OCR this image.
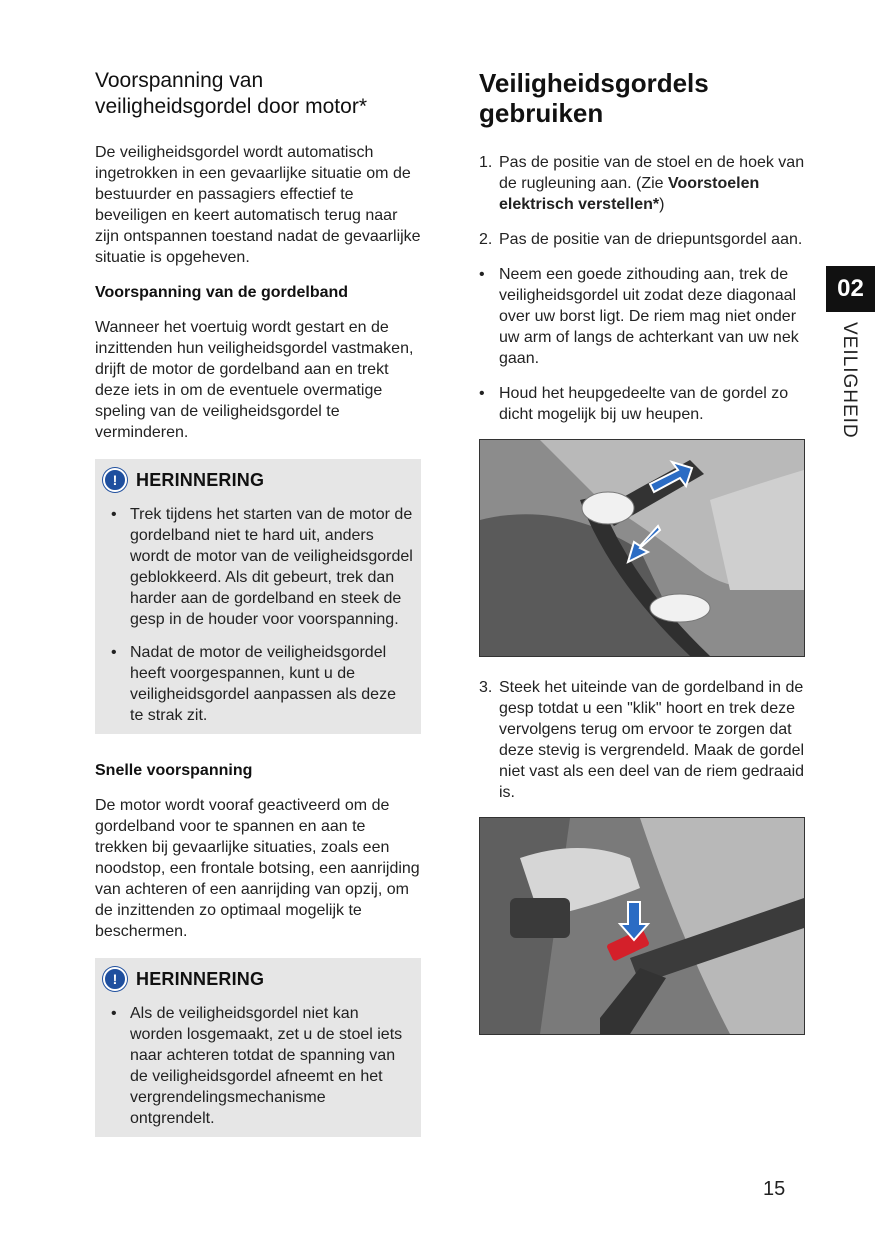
Voorspanning van veiligheidsgordel door motor*

De veiligheidsgordel wordt automatisch ingetrokken in een gevaarlijke situatie om de bestuurder en passagiers effectief te beveiligen en keert automatisch terug naar zijn ontspannen toestand nadat de gevaarlijke situatie is opgeheven.

Voorspanning van de gordelband

Wanneer het voertuig wordt gestart en de inzittenden hun veiligheidsgordel vastmaken, drijft de motor de gordelband aan en trekt deze iets in om de eventuele overmatige speling van de veiligheidsgordel te verminderen.

!	HERINNERING
• Trek tijdens het starten van de motor de gordelband niet te hard uit, anders wordt de motor van de veiligheidsgordel geblokkeerd. Als dit gebeurt, trek dan harder aan de gordelband en steek de gesp in de houder voor voorspanning.
• Nadat de motor de veiligheidsgordel heeft voorgespannen, kunt u de veiligheidsgordel aanpassen als deze te strak zit.
Snelle voorspanning

De motor wordt vooraf geactiveerd om de gordelband voor te spannen en aan te trekken bij gevaarlijke situaties, zoals een noodstop, een frontale botsing, een aanrijding van achteren of een aanrijding van opzij, om de inzittenden zo optimaal mogelijk te beschermen.

!	HERINNERING
• Als de veiligheidsgordel niet kan worden losgemaakt, zet u de stoel iets naar achteren totdat de spanning van de veiligheidsgordel afneemt en het vergrendelingsmechanisme ontgrendelt.
Veiligheidsgordels gebruiken
1. Pas de positie van de stoel en de hoek van de rugleuning aan. (Zie Voorstoelen elektrisch verstellen*)
2. Pas de positie van de driepuntsgordel aan.
• Neem een goede zithouding aan, trek de veiligheidsgordel uit zodat deze diagonaal over uw borst ligt. De riem mag niet onder uw arm of langs de achterkant van uw nek gaan.
• Houd het heupgedeelte van de gordel zo dicht mogelijk bij uw heupen.
3. Steek het uiteinde van de gordelband in de gesp totdat u een "klik" hoort en trek deze vervolgens terug om ervoor te zorgen dat deze stevig is vergrendeld. Maak de gordel niet vast als een deel van de riem gedraaid is.
02
VEILIGHEID
15
